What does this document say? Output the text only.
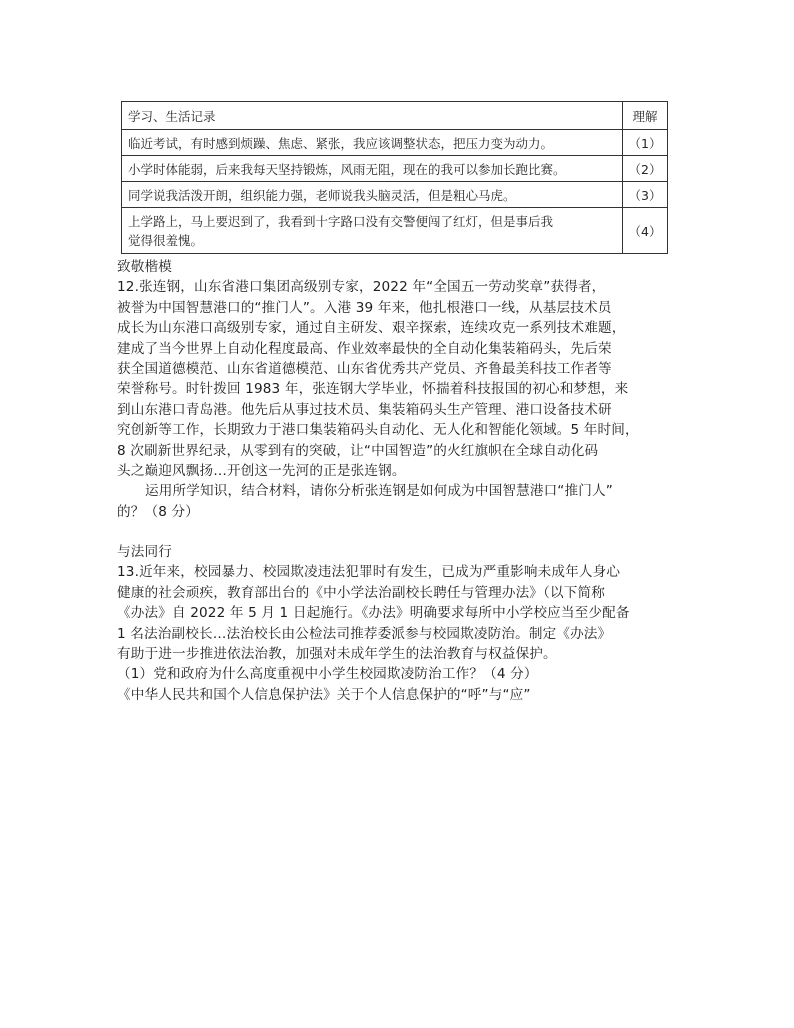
学习、生活记录	理解
临近考试，有时感到烦躁、焦虑、紧张，我应该调整状态，把压力变为动力。	（1）
小学时体能弱，后来我每天坚持锻炼，风雨无阻，现在的我可以参加长跑比赛。	（2）
同学说我活泼开朗，组织能力强，老师说我头脑灵活，但是粗心马虎。	（3）

上学路上，马上要迟到了，我看到十字路口没有交警便闯了红灯，但是事后我
觉得很羞愧。	（4）
致敬楷模
12.张连钢，山东省港口集团高级别专家，2022 年“全国五一劳动奖章”获得者，
被誉为中国智慧港口的“推门人”。入港 39 年来，他扎根港口一线，从基层技术员
成长为山东港口高级别专家，通过自主研发、艰辛探索，连续攻克一系列技术难题，
建成了当今世界上自动化程度最高、作业效率最快的全自动化集装箱码头，先后荣
获全国道德模范、山东省道德模范、山东省优秀共产党员、齐鲁最美科技工作者等
荣誉称号。时针拨回 1983 年，张连钢大学毕业，怀揣着科技报国的初心和梦想，来
到山东港口青岛港。他先后从事过技术员、集装箱码头生产管理、港口设备技术研
究创新等工作，长期致力于港口集装箱码头自动化、无人化和智能化领域。5 年时间，
8 次刷新世界纪录，从零到有的突破，让“中国智造”的火红旗帜在全球自动化码
头之巅迎风飘扬…开创这一先河的正是张连钢。
运用所学知识，结合材料，请你分析张连钢是如何成为中国智慧港口“推门人”
的？（8 分）
与法同行
13.近年来，校园暴力、校园欺凌违法犯罪时有发生，已成为严重影响未成年人身心
健康的社会顽疾，教育部出台的《中小学法治副校长聘任与管理办法》（以下简称
《办法》自 2022 年 5 月 1 日起施行。《办法》明确要求每所中小学校应当至少配备
1 名法治副校长…法治校长由公检法司推荐委派参与校园欺凌防治。制定《办法》
有助于进一步推进依法治教，加强对未成年学生的法治教育与权益保护。
（1）党和政府为什么高度重视中小学生校园欺凌防治工作？（4 分）
《中华人民共和国个人信息保护法》关于个人信息保护的“呼”与“应”
